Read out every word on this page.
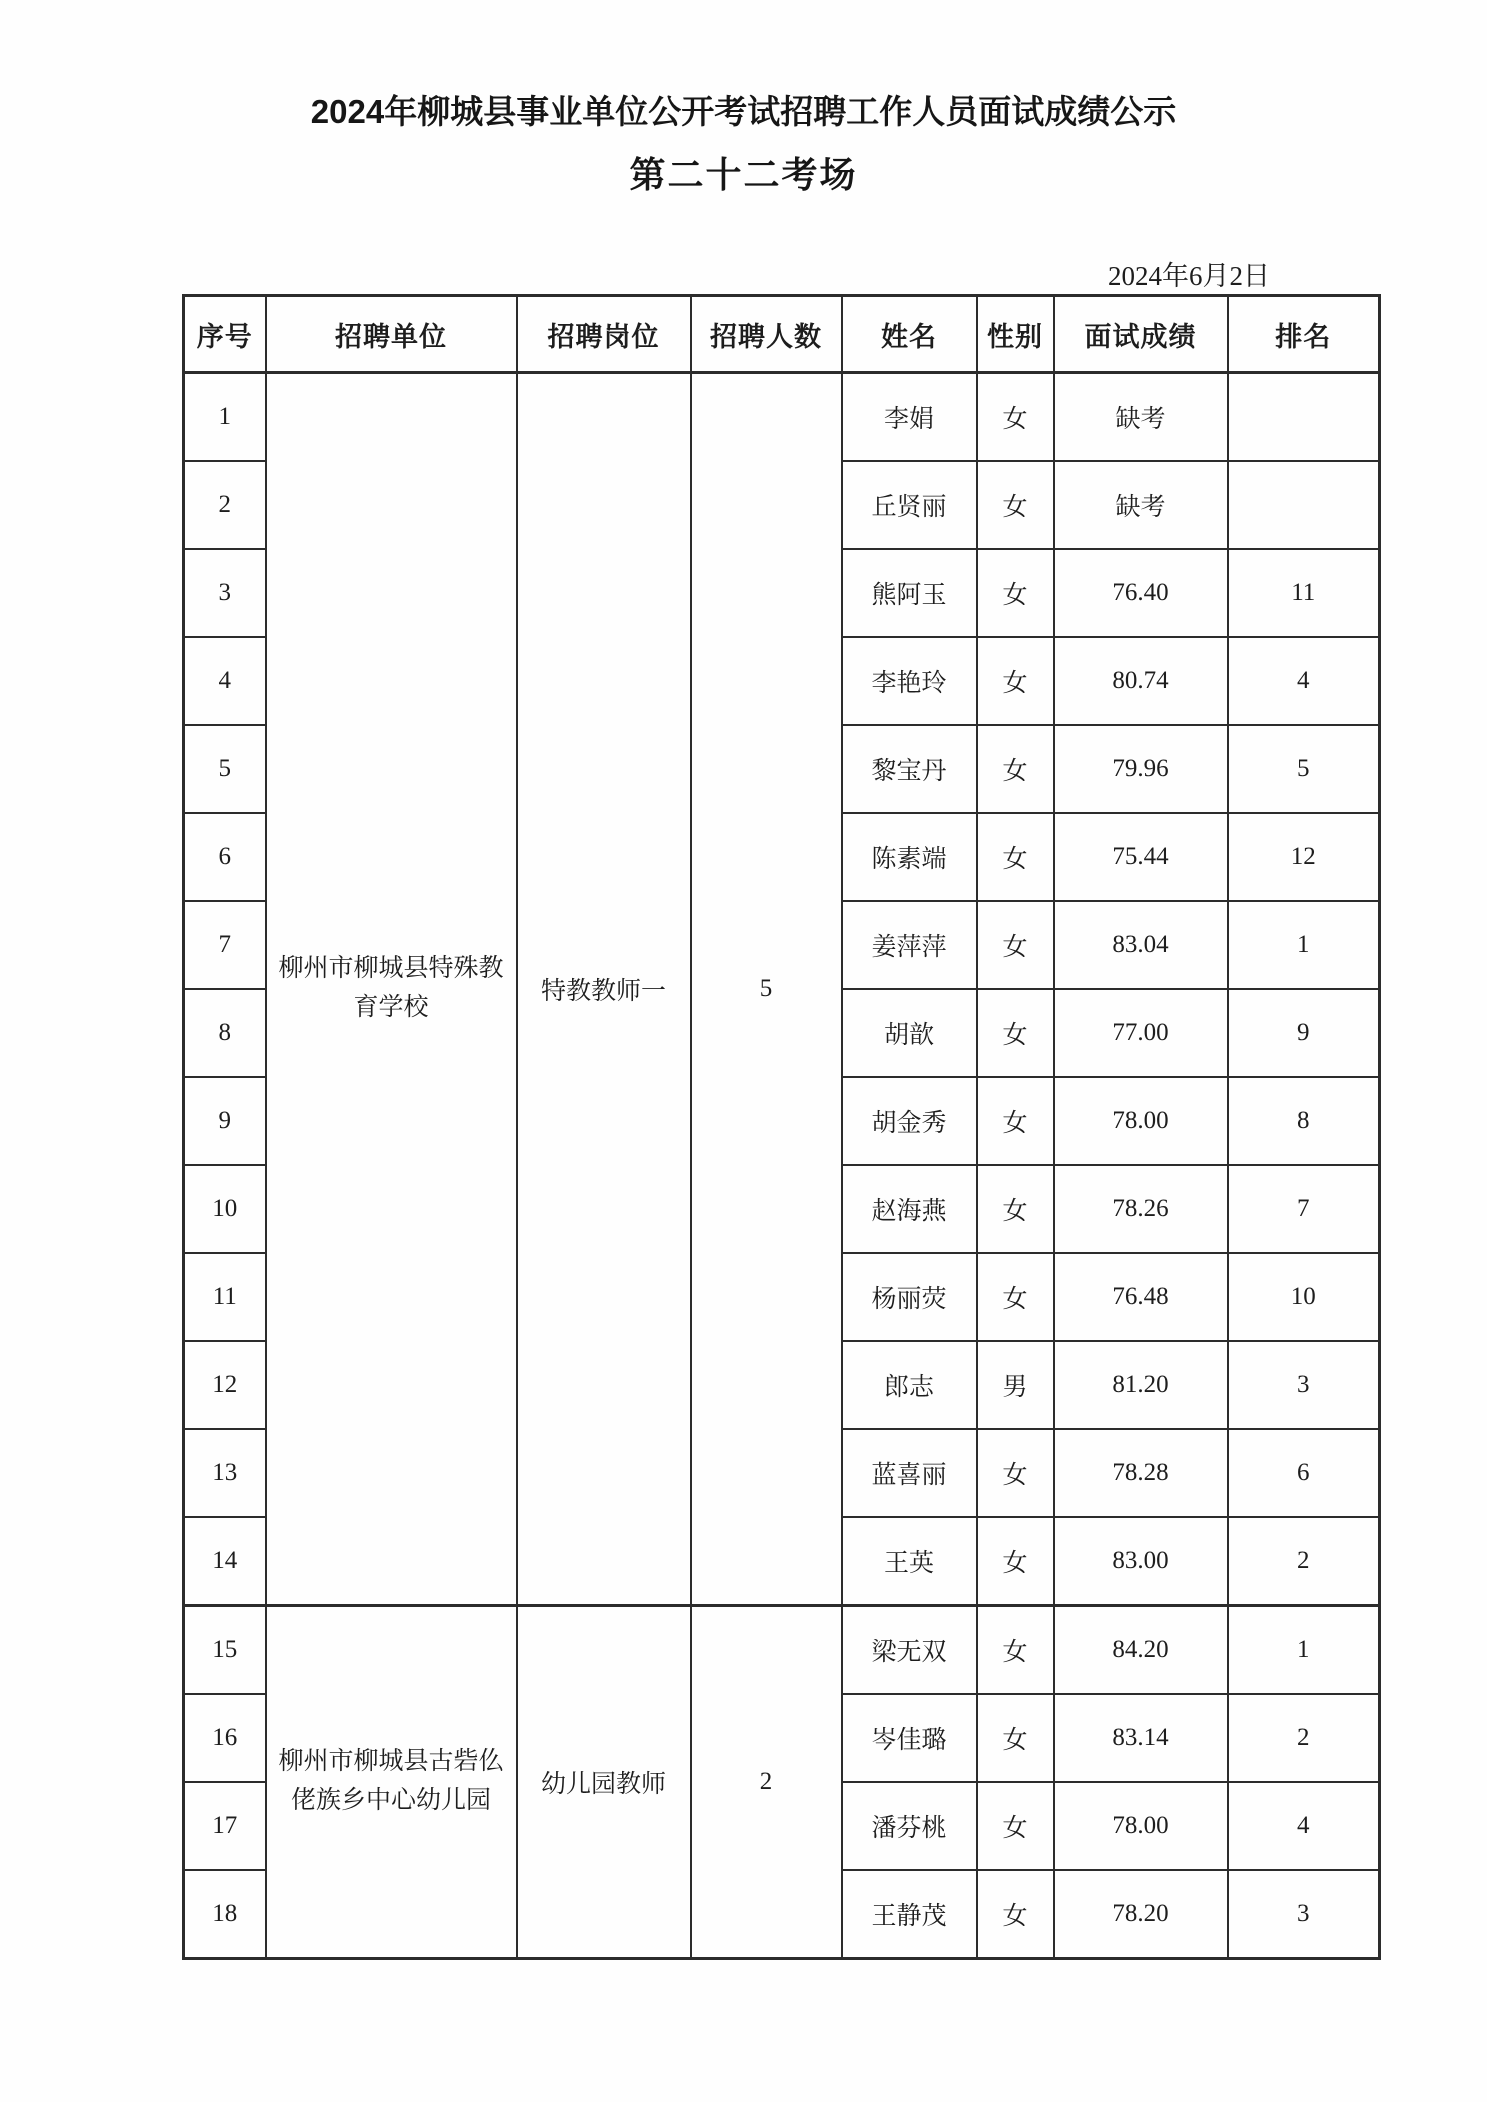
2024年柳城县事业单位公开考试招聘工作人员面试成绩公示
第二十二考场
2024年6月2日
序号	招聘单位	招聘岗位	招聘人数	姓名	性别	面试成绩	排名
1	柳州市柳城县特殊教育学校	特教教师一	5	李娟	女	缺考	
2				丘贤丽	女	缺考	
3				熊阿玉	女	76.40	11
4				李艳玲	女	80.74	4
5				黎宝丹	女	79.96	5
6				陈素端	女	75.44	12
7				姜萍萍	女	83.04	1
8				胡歆	女	77.00	9
9				胡金秀	女	78.00	8
10				赵海燕	女	78.26	7
11				杨丽荧	女	76.48	10
12				郎志	男	81.20	3
13				蓝喜丽	女	78.28	6
14				王英	女	83.00	2
15	柳州市柳城县古砦仫佬族乡中心幼儿园	幼儿园教师	2	梁无双	女	84.20	1
16				岑佳璐	女	83.14	2
17				潘芬桃	女	78.00	4
18				王静茂	女	78.20	3
